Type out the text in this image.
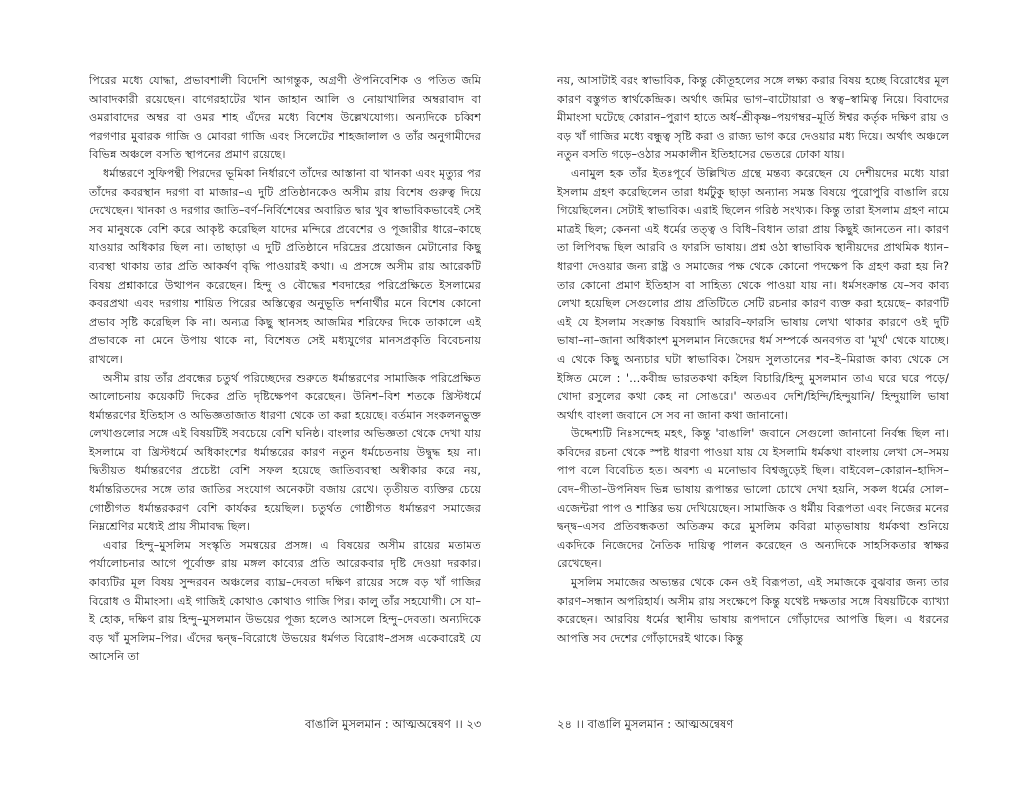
পিরের মধ্যে যোদ্ধা, প্রভাবশালী বিদেশি আগন্তুক, অগ্রণী ঔপনিবেশিক ও পতিত জমি আবাদকারী রয়েছেন। বাগেরহাটের খান জাহান আলি ও নোয়াখালির অম্বরাবাদ বা ওমরাবাদের অম্বর বা ওমর শাহ এঁদের মধ্যে বিশেষ উল্লেখযোগ্য। অন্যদিকে চব্বিশ পরগণার মুবারক গাজি ও মোবরা গাজি এবং সিলেটের শাহজালাল ও তাঁর অনুগামীদের বিভিন্ন অঞ্চলে বসতি স্থাপনের প্রমাণ রয়েছে।

ধর্মান্তরণে সুফিপন্থী পিরদের ভূমিকা নির্ধারণে তাঁদের আস্তানা বা খানকা এবং মৃত্যুর পর তাঁদের কবরস্থান দরগা বা মাজার–এ দুটি প্রতিষ্ঠানকেও অসীম রায় বিশেষ গুরুত্ব দিয়ে দেখেছেন। খানকা ও দরগার জাতি–বর্ণ–নির্বিশেষের অবারিত দ্বার খুব স্বাভাবিকভাবেই সেই সব মানুষকে বেশি করে আকৃষ্ট করেছিল যাদের মন্দিরে প্রবেশের ও পূজারীর ধারে–কাছে যাওয়ার অধিকার ছিল না। তাছাড়া এ দুটি প্রতিষ্ঠানে দরিদ্রের প্রয়োজন মেটানোর কিছু ব্যবস্থা থাকায় তার প্রতি আকর্ষণ বৃদ্ধি পাওয়ারই কথা। এ প্রসঙ্গে অসীম রায় আরেকটি বিষয় প্রশ্নাকারে উত্থাপন করেছেন। হিন্দু ও বৌদ্ধের শবদাহের পরিপ্রেক্ষিতে ইসলামের কবরপ্রথা এবং দরগায় শায়িত পিরের অস্তিত্বের অনুভূতি দর্শনার্থীর মনে বিশেষ কোনো প্রভাব সৃষ্টি করেছিল কি না। অন্যত্র কিছু স্থানসহ আজমির শরিফের দিকে তাকালে এই প্রভাবকে না মেনে উপায় থাকে না, বিশেষত সেই মধ্যযুগের মানসপ্রকৃতি বিবেচনায় রাখলে।

অসীম রায় তাঁর প্রবন্ধের চতুর্থ পরিচ্ছেদের শুরুতে ধর্মান্তরণের সামাজিক পরিপ্রেক্ষিত আলোচনায় কয়েকটি দিকের প্রতি দৃষ্টিক্ষেপণ করেছেন। উনিশ–বিশ শতকে খ্রিস্টধর্মে ধর্মান্তরণের ইতিহাস ও অভিজ্ঞতাজাত ধারণা থেকে তা করা হয়েছে। বর্তমান সংকলনভুক্ত লেখাগুলোর সঙ্গে এই বিষয়টিই সবচেয়ে বেশি ঘনিষ্ঠ। বাংলার অভিজ্ঞতা থেকে দেখা যায় ইসলামে বা খ্রিস্টধর্মে অধিকাংশের ধর্মান্তরের কারণ নতুন ধর্মচেতনায় উদ্বুদ্ধ হয় না। দ্বিতীয়ত ধর্মান্তরণের প্রচেষ্টা বেশি সফল হয়েছে জাতিব্যবস্থা অস্বীকার করে নয়, ধর্মান্তরিতদের সঙ্গে তার জাতির সংযোগ অনেকটা বজায় রেখে। তৃতীয়ত ব্যক্তির চেয়ে গোষ্ঠীগত ধর্মান্তরকরণ বেশি কার্যকর হয়েছিল। চতুর্থত গোষ্ঠীগত ধর্মান্তরণ সমাজের নিম্নশ্রেণির মধ্যেই প্রায় সীমাবদ্ধ ছিল।

এবার হিন্দু–মুসলিম সংস্কৃতি সমন্বয়ের প্রসঙ্গ। এ বিষয়ের অসীম রায়ের মতামত পর্যালোচনার আগে পূর্বোক্ত রায় মঙ্গল কাব্যের প্রতি আরেকবার দৃষ্টি দেওয়া দরকার। কাব্যটির মূল বিষয় সুন্দরবন অঞ্চলের ব্যাঘ্র–দেবতা দক্ষিণ রায়ের সঙ্গে বড় খাঁ গাজির বিরোধ ও মীমাংসা। এই গাজিই কোথাও কোথাও গাজি পির। কালু তাঁর সহযোগী। সে যা–ই হোক, দক্ষিণ রায় হিন্দু–মুসলমান উভয়ের পূজ্য হলেও আসলে হিন্দু–দেবতা। অন্যদিকে বড় খাঁ মুসলিম–পির। এঁদের দ্বন্দ্ব–বিরোধে উভয়ের ধর্মগত বিরোধ–প্রসঙ্গ একেবারেই যে আসেনি তা

নয়, আসাটাই বরং স্বাভাবিক, কিন্তু কৌতূহলের সঙ্গে লক্ষ্য করার বিষয় হচ্ছে বিরোধের মূল কারণ বস্তুগত স্বার্থকেন্দ্রিক। অর্থাৎ জমির ভাগ–বাটোয়ারা ও স্বত্ব–স্বামিত্ব নিয়ে। বিবাদের মীমাংসা ঘটেছে কোরান–পুরাণ হাতে অর্ধ–শ্রীকৃষ্ণ–পয়গম্বর–মূর্তি ঈশ্বর কর্তৃক দক্ষিণ রায় ও বড় খাঁ গাজির মধ্যে বন্ধুত্ব সৃষ্টি করা ও রাজ্য ভাগ করে দেওয়ার মধ্য দিয়ে। অর্থাৎ অঞ্চলে নতুন বসতি গড়ে–ওঠার সমকালীন ইতিহাসের ভেতরে ঢোকা যায়।

এনামুল হক তাঁর ইতঃপূর্বে উল্লিখিত গ্রন্থে মন্তব্য করেছেন যে দেশীয়দের মধ্যে যারা ইসলাম গ্রহণ করেছিলেন তারা ধর্মটুকু ছাড়া অন্যান্য সমস্ত বিষয়ে পুরোপুরি বাঙালি রয়ে গিয়েছিলেন। সেটাই স্বাভাবিক। এরাই ছিলেন গরিষ্ঠ সংখ্যক। কিন্তু তারা ইসলাম গ্রহণ নামে মাত্রই ছিল; কেননা এই ধর্মের তত্ত্ব ও বিধি–বিধান তারা প্রায় কিছুই জানতেন না। কারণ তা লিপিবদ্ধ ছিল আরবি ও ফারসি ভাষায়। প্রশ্ন ওঠা স্বাভাবিক স্থানীয়দের প্রাথমিক ধ্যান–ধারণা দেওয়ার জন্য রাষ্ট্র ও সমাজের পক্ষ থেকে কোনো পদক্ষেপ কি গ্রহণ করা হয় নি? তার কোনো প্রমাণ ইতিহাস বা সাহিত্য থেকে পাওয়া যায় না। ধর্মসংক্রান্ত যে–সব কাব্য লেখা হয়েছিল সেগুলোর প্রায় প্রতিটিতে সেটি রচনার কারণ ব্যক্ত করা হয়েছে– কারণটি এই যে ইসলাম সংক্রান্ত বিষয়াদি আরবি–ফারসি ভাষায় লেখা থাকার কারণে ওই দুটি ভাষা–না–জানা অধিকাংশ মুসলমান নিজেদের ধর্ম সম্পর্কে অনবগত বা 'মূর্খ' থেকে যাচ্ছে। এ থেকে কিছু অন্যচার ঘটা স্বাভাবিক। সৈয়দ সুলতানের শব–ই–মিরাজ কাব্য থেকে সে ইঙ্গিত মেলে : '…কবীন্দ্র ভারতকথা কহিল বিচারি/হিন্দু মুসলমান তাএ ঘরে ঘরে পড়ে/খোদা রসুলের কথা কেহ না সোঙরে।' অতএব দেশি/হিন্দি/হিন্দুয়ানি/ হিন্দুয়ালি ভাষা অর্থাৎ বাংলা জবানে সে সব না জানা কথা জানানো।

উদ্দেশ্যটি নিঃসন্দেহ মহৎ, কিন্তু 'বাঙালি' জবানে সেগুলো জানানো নির্বন্ধ ছিল না। কবিদের রচনা থেকে স্পষ্ট ধারণা পাওয়া যায় যে ইসলামি ধর্মকথা বাংলায় লেখা সে–সময় পাপ বলে বিবেচিত হত। অবশ্য এ মনোভাব বিশ্বজুড়েই ছিল। বাইবেল–কোরান–হাদিস–বেদ–গীতা–উপনিষদ ভিন্ন ভাষায় রূপান্তর ভালো চোখে দেখা হয়নি, সকল ধর্মের সোল–এজেন্টরা পাপ ও শাস্তির ভয় দেখিয়েছেন। সামাজিক ও ধর্মীয় বিরূপতা এবং নিজের মনের দ্বন্দ্ব–এসব প্রতিবন্ধকতা অতিক্রম করে মুসলিম কবিরা মাতৃভাষায় ধর্মকথা শুনিয়ে একদিকে নিজেদের নৈতিক দায়িত্ব পালন করেছেন ও অন্যদিকে সাহসিকতার স্বাক্ষর রেখেছেন।

মুসলিম সমাজের অভ্যন্তর থেকে কেন ওই বিরূপতা, এই সমাজকে বুঝবার জন্য তার কারণ–সন্ধান অপরিহার্য। অসীম রায় সংক্ষেপে কিন্তু যথেষ্ট দক্ষতার সঙ্গে বিষয়টিকে ব্যাখ্যা করেছেন। আরবিয় ধর্মের স্থানীয় ভাষায় রূপদানে গোঁড়াদের আপত্তি ছিল। এ ধরনের আপত্তি সব দেশের গোঁড়াদেরই থাকে। কিন্তু

বাঙালি মুসলমান : আত্মঅন্বেষণ ।। ২৩	২৪ ।। বাঙালি মুসলমান : আত্মঅন্বেষণ
